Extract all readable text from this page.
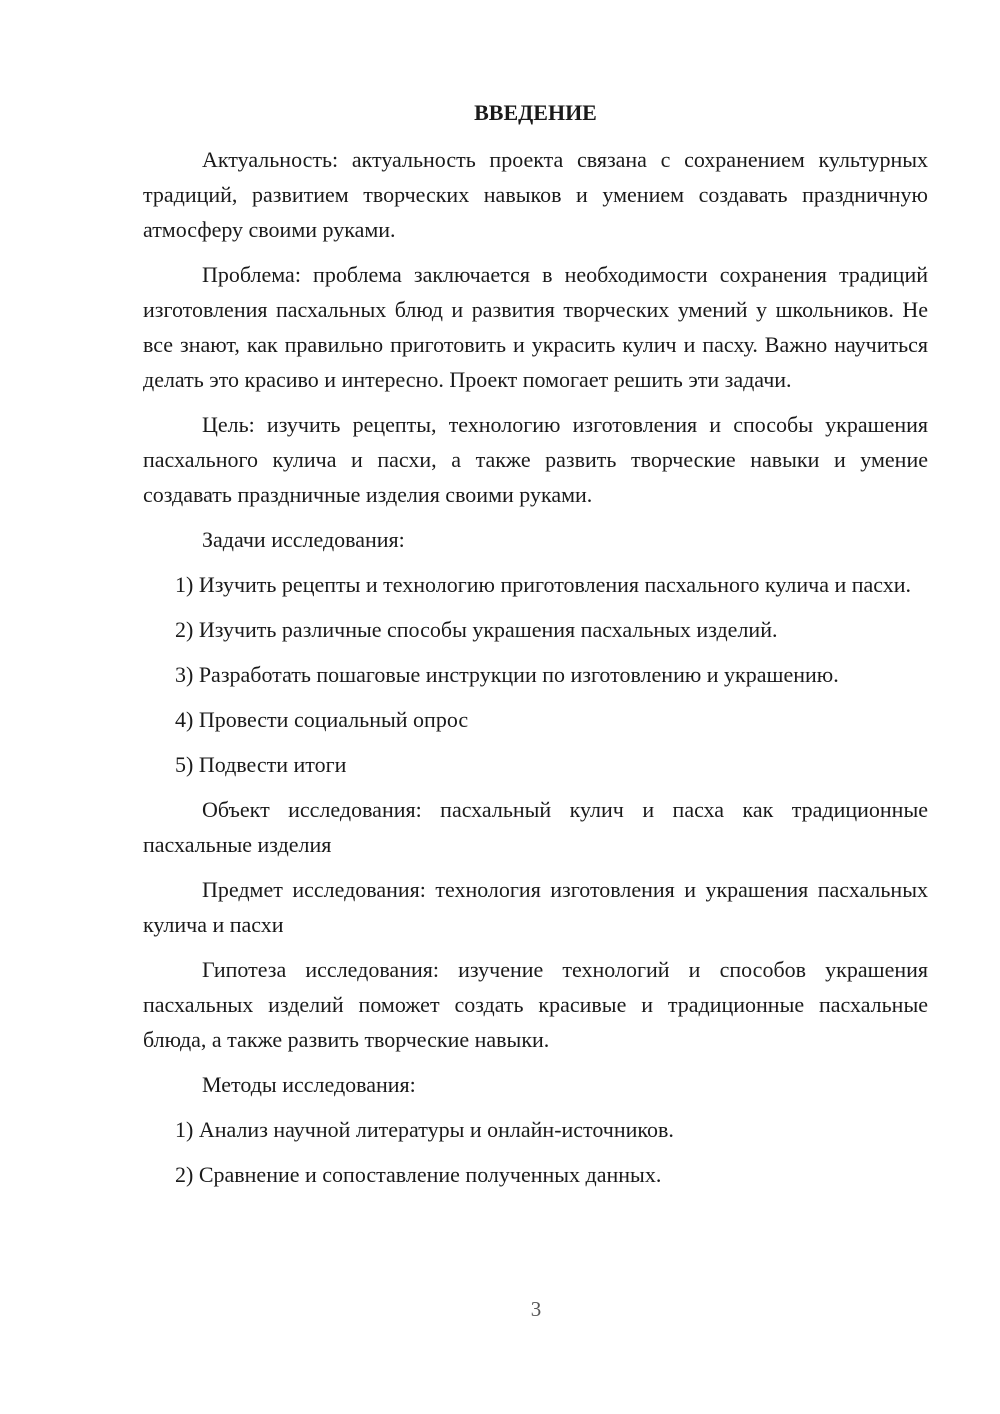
ВВЕДЕНИЕ

Актуальность: актуальность проекта связана с сохранением культурных традиций, развитием творческих навыков и умением создавать праздничную атмосферу своими руками.

Проблема: проблема заключается в необходимости сохранения традиций изготовления пасхальных блюд и развития творческих умений у школьников. Не все знают, как правильно приготовить и украсить кулич и пасху. Важно научиться делать это красиво и интересно. Проект помогает решить эти задачи.

Цель: изучить рецепты, технологию изготовления и способы украшения пасхального кулича и пасхи, а также развить творческие навыки и умение создавать праздничные изделия своими руками.

Задачи исследования:

1) Изучить рецепты и технологию приготовления пасхального кулича и пасхи.

2) Изучить различные способы украшения пасхальных изделий.

3) Разработать пошаговые инструкции по изготовлению и украшению.

4) Провести социальный опрос

5) Подвести итоги

Объект исследования: пасхальный кулич и пасха как традиционные пасхальные изделия

Предмет исследования: технология изготовления и украшения пасхальных кулича и пасхи

Гипотеза исследования: изучение технологий и способов украшения пасхальных изделий поможет создать красивые и традиционные пасхальные блюда, а также развить творческие навыки.

Методы исследования:

1) Анализ научной литературы и онлайн-источников.

2) Сравнение и сопоставление полученных данных.

3
